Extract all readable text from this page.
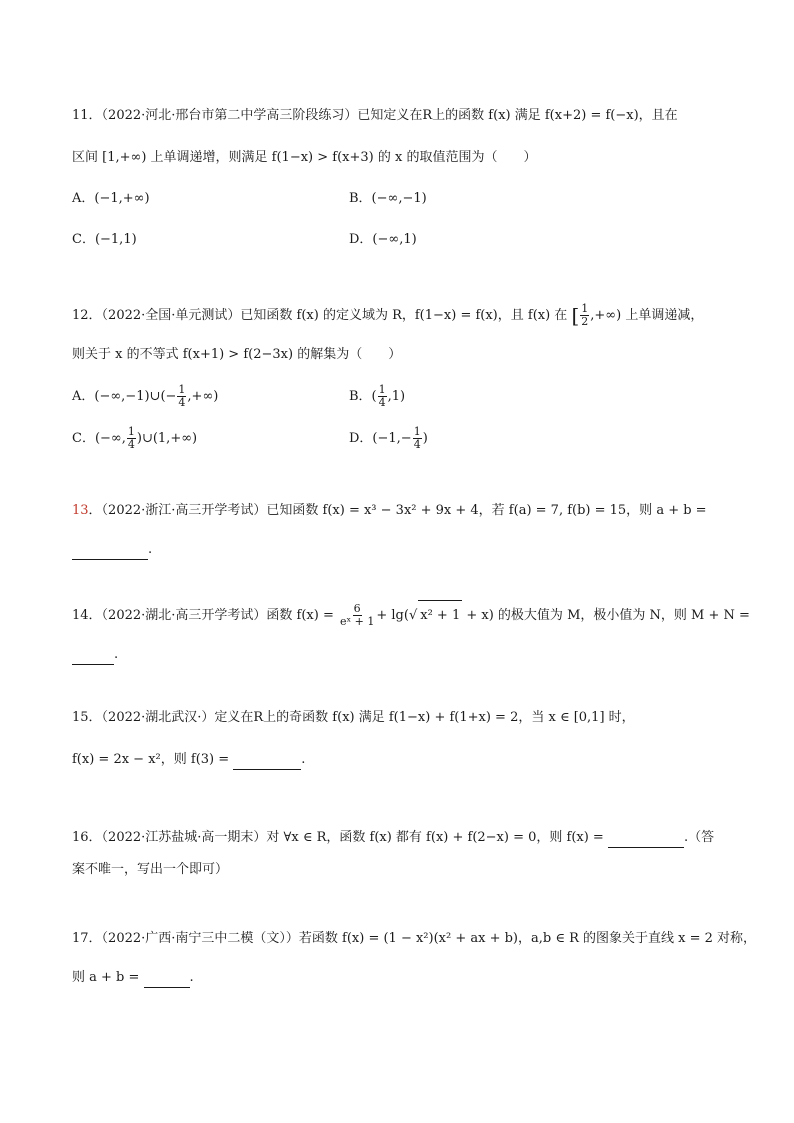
11．（2022·河北·邢台市第二中学高三阶段练习）已知定义在R上的函数 f(x) 满足 f(x+2) = f(−x)，且在
区间 [1,+∞) 上单调递增，则满足 f(1−x) > f(x+3) 的 x 的取值范围为（　　）
A．(−1,+∞)	B．(−∞,−1)
C．(−1,1)	D．(−∞,1)
12．（2022·全国·单元测试）已知函数 f(x) 的定义域为 R，f(1−x) = f(x)，且 f(x) 在 [ $\frac{1}{2}$ ,+∞) 上单调递减，
则关于 x 的不等式 f(x+1) > f(2−3x) 的解集为（　　）
A．(−∞,−1)∪(− $\frac{1}{4}$ ,+∞)	B．( $\frac{1}{4} ,1$)
C．(−∞, $\frac{1}{4}$ )∪(1,+∞)	D．($-1,- \frac{1}{4}$ )
13．（2022·浙江·高三开学考试）已知函数 f(x) = x³ − 3x² + 9x + 4，若 f(a) = 7, f(b) = 15，则 a + b =
.
14．（2022·湖北·高三开学考试）函数 $f(x) = \frac{6}{\text{eˣ + 1}} + \lg(√$ x² + 1 + x) 的极大值为 M，极小值为 N，则 M + N =
.
15．（2022·湖北武汉·）定义在R上的奇函数 f(x) 满足 f(1−x) + f(1+x) = 2，当 x ∈ [0,1] 时，
f(x) = 2x − x²，则 f(3) =	.
16．（2022·江苏盐城·高一期末）对 ∀x ∈ R，函数 f(x) 都有 f(x) + f(2−x) = 0，则 f(x) =	.（答
案不唯一，写出一个即可）
17．（2022·广西·南宁三中二模（文））若函数 f(x) = (1 − x²)(x² + ax + b)，a,b ∈ R 的图象关于直线 x = 2 对称，
则 a + b =	.
